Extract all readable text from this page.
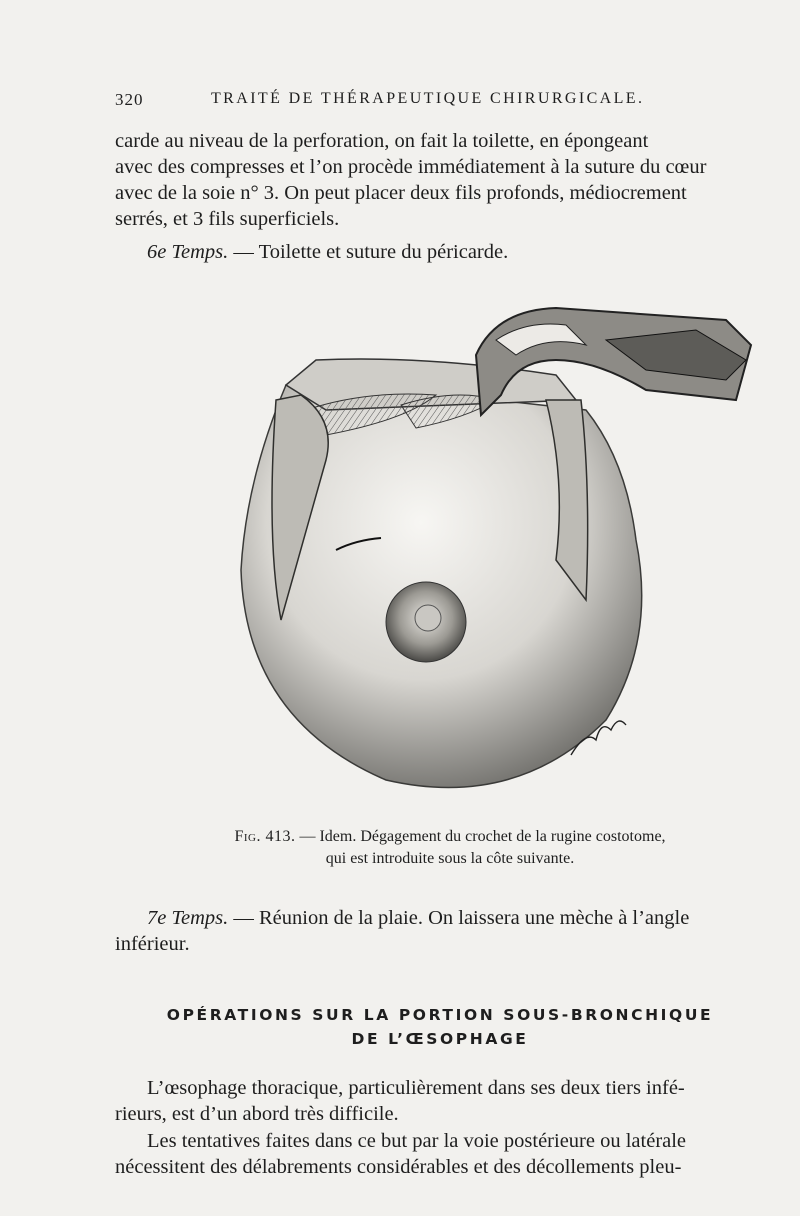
320	TRAITÉ DE THÉRAPEUTIQUE CHIRURGICALE.
carde au niveau de la perforation, on fait la toilette, en épongeant
avec des compresses et l’on procède immédiatement à la suture du cœur
avec de la soie n° 3. On peut placer deux fils profonds, médiocrement
serrés, et 3 fils superficiels.
6e Temps. — Toilette et suture du péricarde.
Fig. 413. — Idem. Dégagement du crochet de la rugine costotome,
qui est introduite sous la côte suivante.
7e Temps. — Réunion de la plaie. On laissera une mèche à l’angle
inférieur.
OPÉRATIONS SUR LA PORTION SOUS-BRONCHIQUE
DE L’ŒSOPHAGE
L’œsophage thoracique, particulièrement dans ses deux tiers infé-
rieurs, est d’un abord très difficile.
Les tentatives faites dans ce but par la voie postérieure ou latérale
nécessitent des délabrements considérables et des décollements pleu-
